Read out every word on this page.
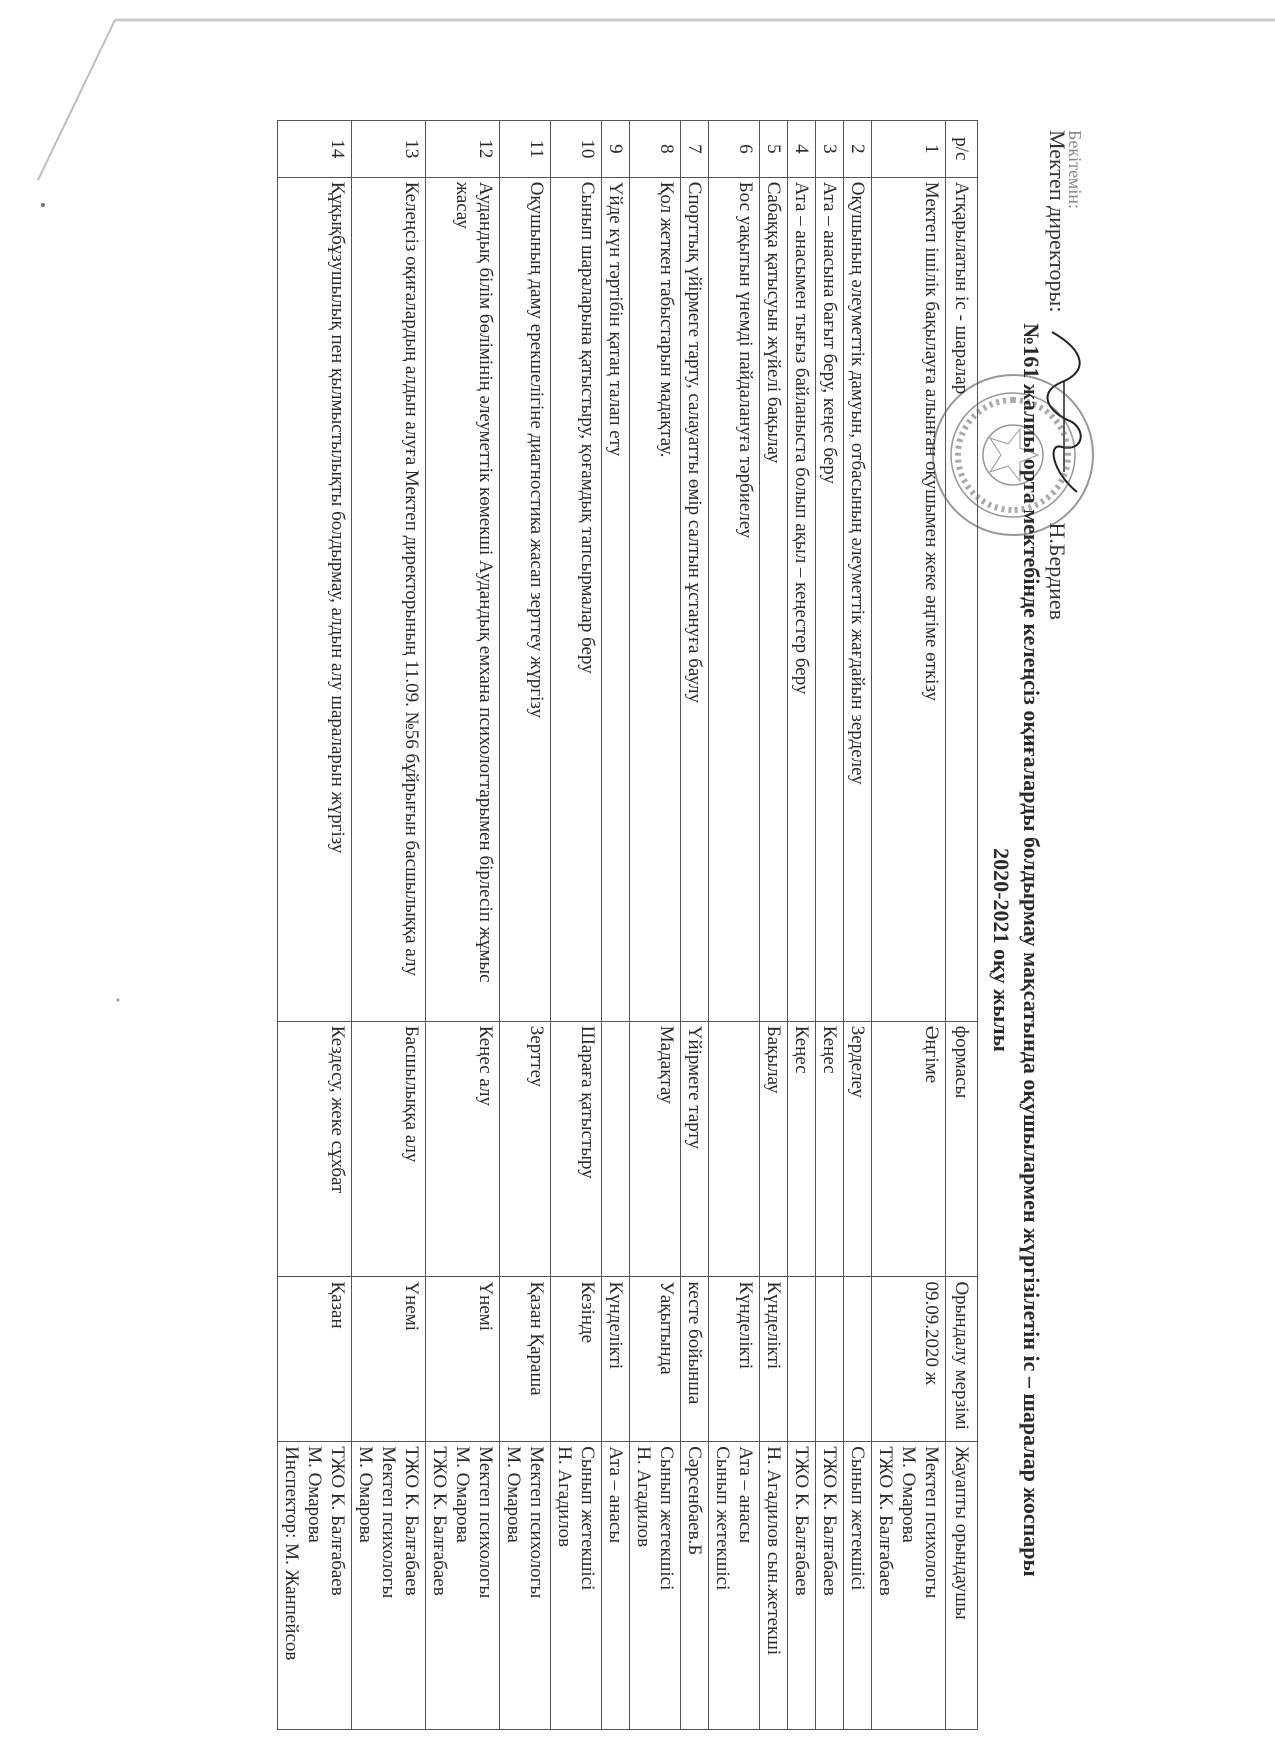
Бекітемін:
Мектеп директоры:
Н.Бердиев
№161 жалпы орта мектебінде келеңсіз оқиғаларды болдырмау мақсатында оқушылармен жүргізілетін іс – шаралар жоспары
2020-2021 оқу жылы
р/с	Атқарылатын іс - шаралар	формасы	Орындалу мерзімі	Жауапты орындаушы
1	Мектеп ішілік бақылауға алынған оқушымен жеке әңгіме өткізу	Әңгіме	09.09.2020 ж	Мектеп психологы
М. Омарова
ТЖО К. Балғабаев

2	Оқушының әлеуметтік дамуын, отбасының әлеуметтік жағдайын зерделеу	Зерделеу		Сынып жетекшісі

3	Ата – анасына бағыт беру, кеңес беру	Кеңес		ТЖО К. Балғабаев

4	Ата – анасымен тығыз байланыста болып ақыл – кеңестер беру	Кеңес		ТЖО К. Балғабаев

5	Сабаққа қатысуын жүйелі бақылау	Бақылау	Күнделікті	Н. Агадилов сын.жетекші

6	Бос уақытын үнемді пайдалануға тәрбиелеу		Күнделікті	Ата – анасы
Сынып жетекшісі

7	Спорттық үйірмеге тарту, салауатты өмір салтын ұстануға баулу	Үйірмеге тарту	кесте бойынша	Сәрсенбаев.Б

8	Қол жеткен табыстарын мадақтау.	Мадақтау	Уақытында	Сынып жетекшісі
Н. Агадилов

9	Үйде күн тәртібін қатаң талап ету		Күнделікті	Ата – анасы

10	Сынып шараларына қатыстыру, қоғамдық тапсырмалар беру	Шараға қатыстыру	Кезінде	Сынып жетекшісі
Н. Агадилов

11	Оқушының даму ерекшелігіне диагностика жасап зерттеу жүргізу	Зерттеу	Қазан Қараша	Мектеп психологы
М. Омарова

12	Аудандық білім бөлімінің әлеуметтік көмекші Аудандық емхана психологтарымен бірлесіп жұмыс жасау	Кеңес алу	Үнемі	Мектеп психологы
М. Омарова
ТЖО К. Балғабаев

13	Келеңсіз оқиғалардың алдын алуға Мектеп директорының 11.09. №56 бұйрығын басшылыққа алу	Басшылыққа алу	Үнемі	ТЖО К. Балғабаев
Мектеп психологы
М. Омарова

14	Құқықбұзушылық пен қылмыстылықты болдырмау, алдын алу шараларын жүргізу	Кездесу, жеке сұхбат	Қазан	ТЖО К. Балғабаев
М. Омарова
Инспектор: М. Жанпейсов
